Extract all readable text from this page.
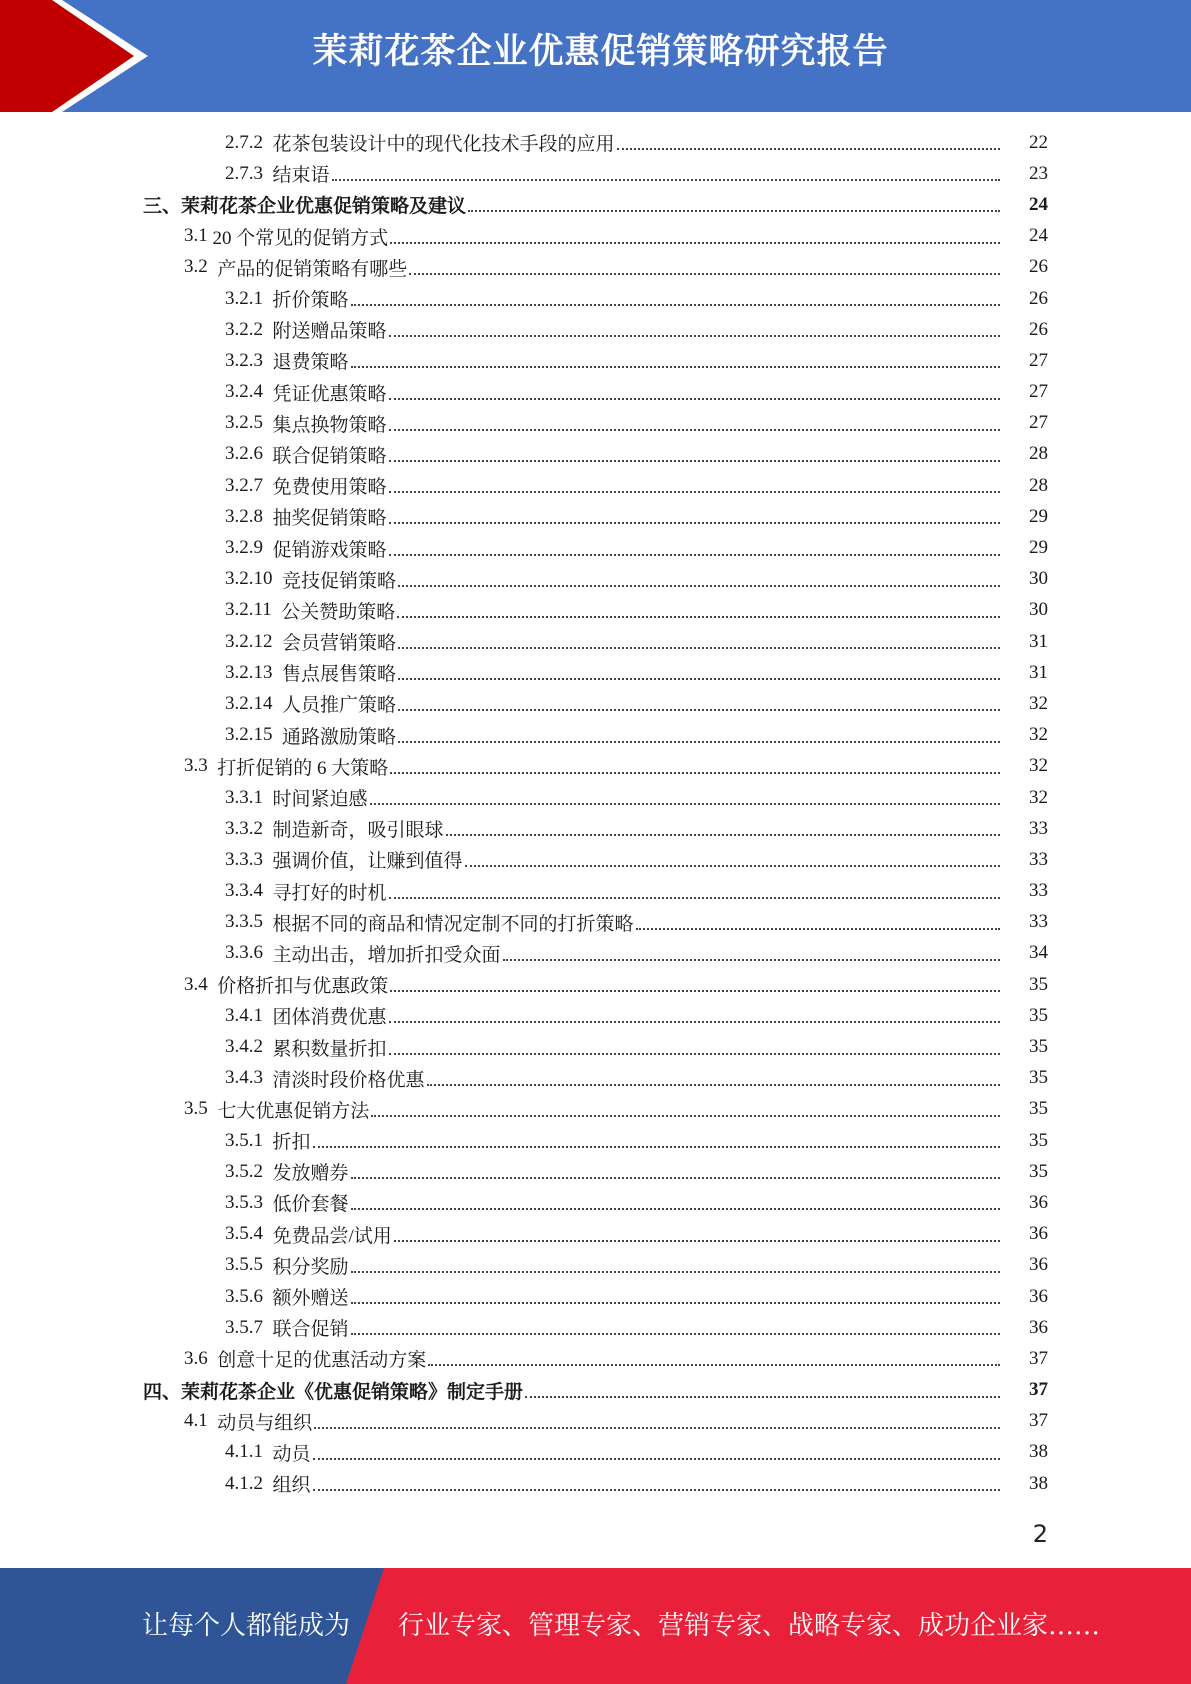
茉莉花茶企业优惠促销策略研究报告
2.7.2 花茶包装设计中的现代化技术手段的应用	22
2.7.3 结束语	23
三、 茉莉花茶企业优惠促销策略及建议	24
3.1 20 个常见的促销方式	24
3.2 产品的促销策略有哪些	26
3.2.1 折价策略	26
3.2.2 附送赠品策略	26
3.2.3 退费策略	27
3.2.4 凭证优惠策略	27
3.2.5 集点换物策略	27
3.2.6 联合促销策略	28
3.2.7 免费使用策略	28
3.2.8 抽奖促销策略	29
3.2.9 促销游戏策略	29
3.2.10 竞技促销策略	30
3.2.11 公关赞助策略	30
3.2.12 会员营销策略	31
3.2.13 售点展售策略	31
3.2.14 人员推广策略	32
3.2.15 通路激励策略	32
3.3 打折促销的 6 大策略	32
3.3.1 时间紧迫感	32
3.3.2 制造新奇，吸引眼球	33
3.3.3 强调价值，让赚到值得	33
3.3.4 寻打好的时机	33
3.3.5 根据不同的商品和情况定制不同的打折策略	33
3.3.6 主动出击，增加折扣受众面	34
3.4 价格折扣与优惠政策	35
3.4.1 团体消费优惠	35
3.4.2 累积数量折扣	35
3.4.3 清淡时段价格优惠	35
3.5 七大优惠促销方法	35
3.5.1 折扣	35
3.5.2 发放赠券	35
3.5.3 低价套餐	36
3.5.4 免费品尝/试用	36
3.5.5 积分奖励	36
3.5.6 额外赠送	36
3.5.7 联合促销	36
3.6 创意十足的优惠活动方案	37
四、 茉莉花茶企业《优惠促销策略》制定手册	37
4.1 动员与组织	37
4.1.1 动员	38
4.1.2 组织	38
2
让每个人都能成为 行业专家、管理专家、营销专家、战略专家、成功企业家……
